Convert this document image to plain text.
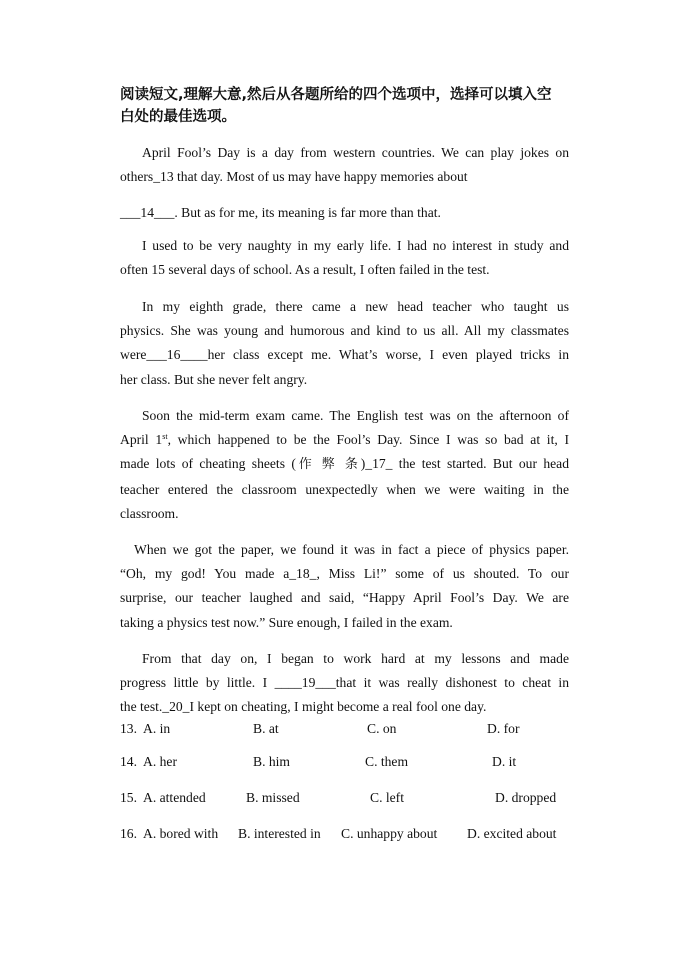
阅读短文,理解大意,然后从各题所给的四个选项中，选择可以填入空
白处的最佳选项。

April Fool’s Day is a day from western countries. We can play jokes on
others_13 that day. Most of us may have happy memories about

___14___. But as for me, its meaning is far more than that.

I used to be very naughty in my early life. I had no interest in study and
often 15 several days of school. As a result, I often failed in the test.

In my eighth grade, there came a new head teacher who taught us
physics. She was young and humorous and kind to us all. All my classmates
were___16____her class except me. What’s worse, I even played tricks in
her class. But she never felt angry.

Soon the mid-term exam came. The English test was on the afternoon of
April 1st, which happened to be the Fool’s Day. Since I was so bad at it, I
made lots of cheating sheets (作 弊 条)_17_ the test started. But our head
teacher entered the classroom unexpectedly when we were waiting in the
classroom.

When we got the paper, we found it was in fact a piece of physics paper.
“Oh, my god! You made a_18_, Miss Li!” some of us shouted. To our
surprise, our teacher laughed and said, “Happy April Fool’s Day. We are
taking a physics test now.” Sure enough, I failed in the exam.

From that day on, I began to work hard at my lessons and made
progress little by little. I ____19___that it was really dishonest to cheat in
the test._20_I kept on cheating, I might become a real fool one day.

13. A. in	B. at	C. on	D. for
14. A. her	B. him	C. them	D. it
15. A. attended	B. missed	C. left	D. dropped
16. A. bored with B. interested in C. unhappy about D. excited about
